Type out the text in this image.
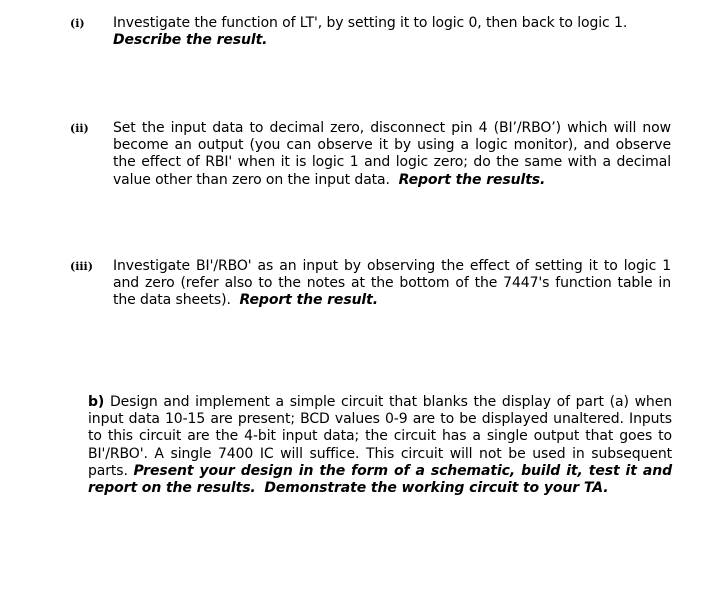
(i) Investigate the function of LT', by setting it to logic 0, then back to logic 1.
Describe the result.
(ii) Set the input data to decimal zero, disconnect pin 4 (BI’/RBO’) which will now become an output (you can observe it by using a logic monitor), and observe the effect of RBI' when it is logic 1 and logic zero; do the same with a decimal value other than zero on the input data. Report the results.
(iii) Investigate BI'/RBO' as an input by observing the effect of setting it to logic 1 and zero (refer also to the notes at the bottom of the 7447's function table in the data sheets). Report the result.
b) Design and implement a simple circuit that blanks the display of part (a) when input data 10-15 are present; BCD values 0-9 are to be displayed unaltered. Inputs to this circuit are the 4-bit input data; the circuit has a single output that goes to BI'/RBO'. A single 7400 IC will suffice. This circuit will not be used in subsequent parts. Present your design in the form of a schematic, build it, test it and report on the results. Demonstrate the working circuit to your TA.
